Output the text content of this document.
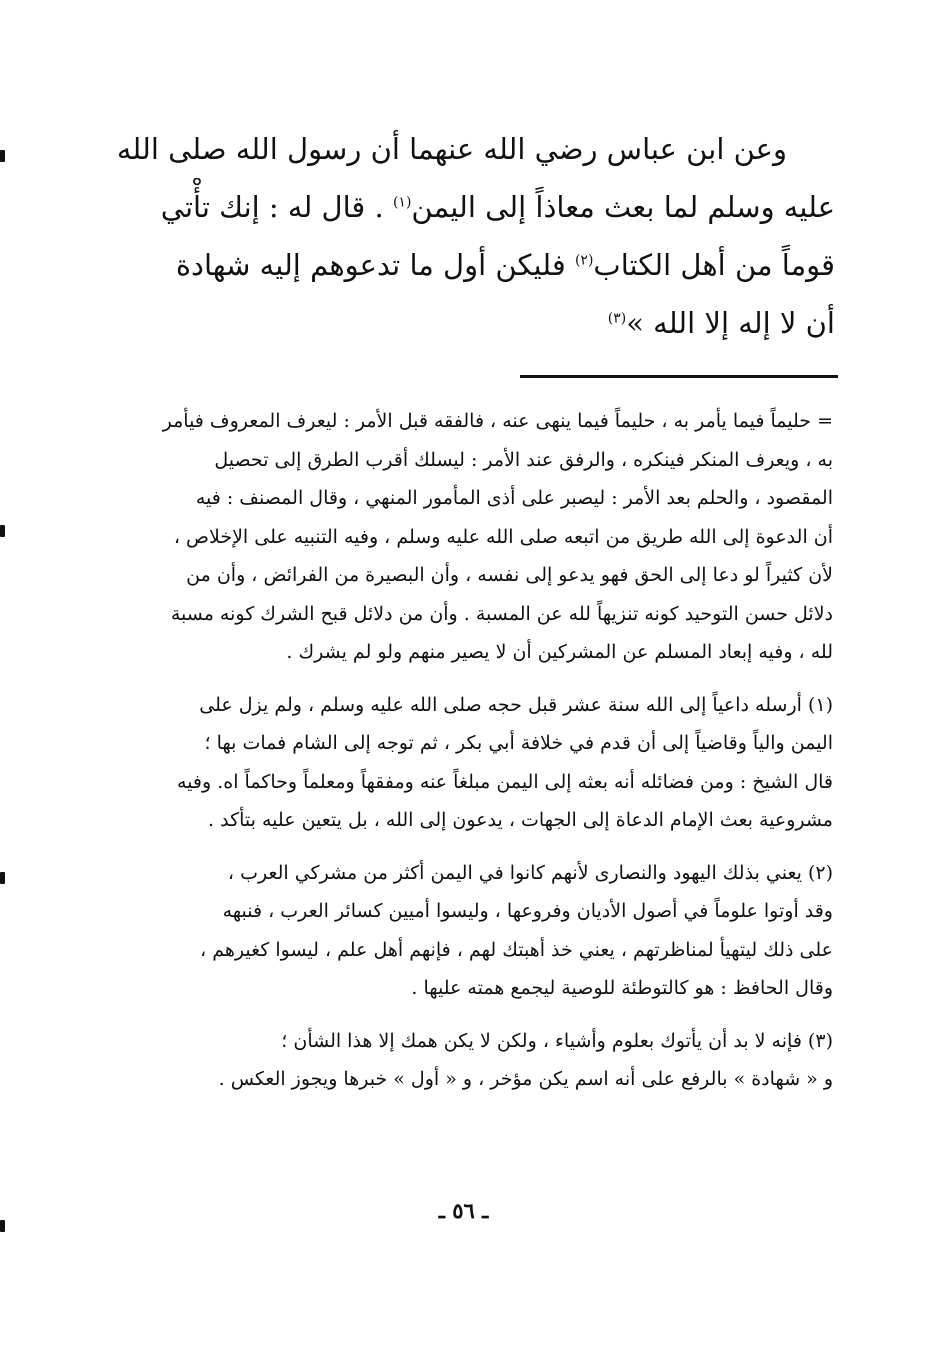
وعن ابن عباس رضي الله عنهما أن رسول الله صلى الله
عليه وسلم لما بعث معاذاً إلى اليمن$^{(١)}$ . قال له : إنك تأْتي
قوماً من أهل الكتاب$^{(٢)}$ فليكن أول ما تدعوهم إليه شهادة
أن لا إله إلا الله »$^{(٣)}$
= حليماً فيما يأمر به ، حليماً فيما ينهى عنه ، فالفقه قبل الأمر : ليعرف المعروف فيأمر
به ، ويعرف المنكر فينكره ، والرفق عند الأمر : ليسلك أقرب الطرق إلى تحصيل
المقصود ، والحلم بعد الأمر : ليصبر على أذى المأمور المنهي ، وقال المصنف : فيه
أن الدعوة إلى الله طريق من اتبعه صلى الله عليه وسلم ، وفيه التنبيه على الإخلاص ،
لأن كثيراً لو دعا إلى الحق فهو يدعو إلى نفسه ، وأن البصيرة من الفرائض ، وأن من
دلائل حسن التوحيد كونه تنزيهاً لله عن المسبة . وأن من دلائل قبح الشرك كونه مسبة
لله ، وفيه إبعاد المسلم عن المشركين أن لا يصير منهم ولو لم يشرك .
(١) أرسله داعياً إلى الله سنة عشر قبل حجه صلى الله عليه وسلم ، ولم يزل على
اليمن والياً وقاضياً إلى أن قدم في خلافة أبي بكر ، ثم توجه إلى الشام فمات بها ؛
قال الشيخ : ومن فضائله أنه بعثه إلى اليمن مبلغاً عنه ومفقهاً ومعلماً وحاكماً اه. وفيه
مشروعية بعث الإمام الدعاة إلى الجهات ، يدعون إلى الله ، بل يتعين عليه بتأكد .
(٢) يعني بذلك اليهود والنصارى لأنهم كانوا في اليمن أكثر من مشركي العرب ،
وقد أوتوا علوماً في أصول الأديان وفروعها ، وليسوا أميين كسائر العرب ، فنبهه
على ذلك ليتهيأ لمناظرتهم ، يعني خذ أهبتك لهم ، فإنهم أهل علم ، ليسوا كغيرهم ،
وقال الحافظ : هو كالتوطئة للوصية ليجمع همته عليها .
(٣) فإنه لا بد أن يأتوك بعلوم وأشياء ، ولكن لا يكن همك إلا هذا الشأن ؛
و « شهادة » بالرفع على أنه اسم يكن مؤخر ، و « أول » خبرها ويجوز العكس .
ـ ٥٦ ـ
